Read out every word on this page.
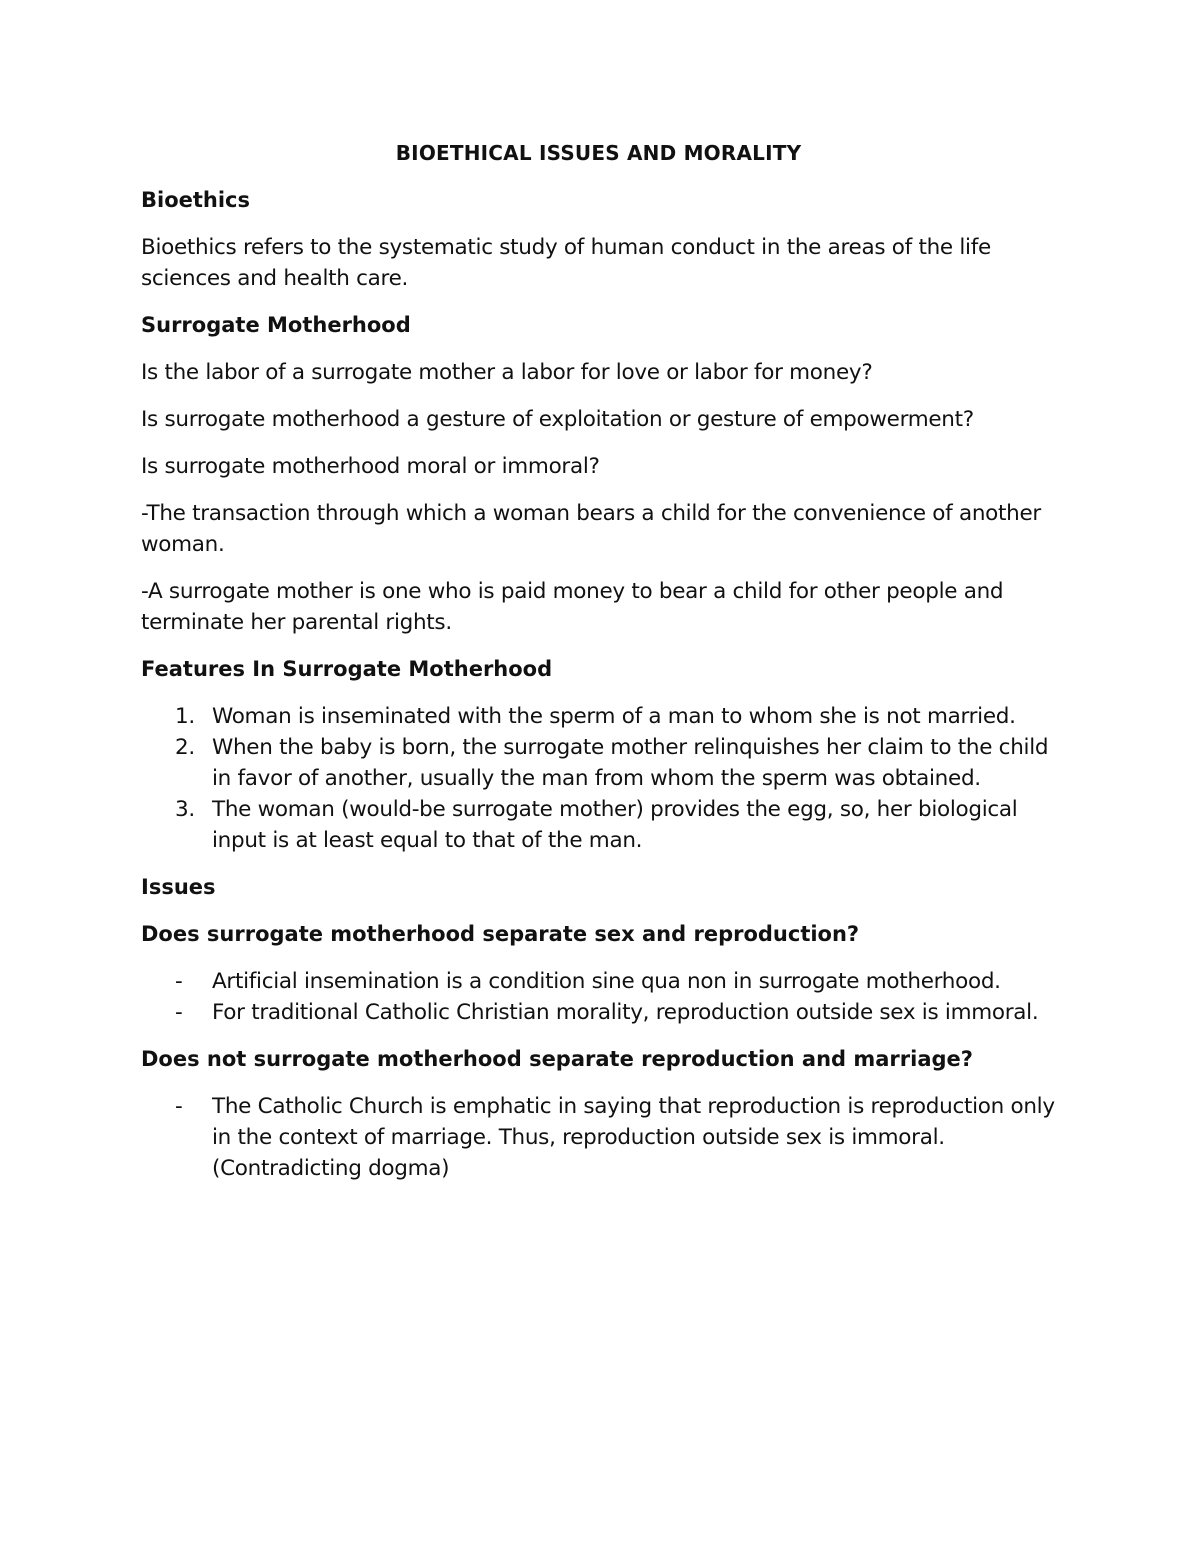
BIOETHICAL ISSUES AND MORALITY
Bioethics
Bioethics refers to the systematic study of human conduct in the areas of the life sciences and health care.
Surrogate Motherhood
Is the labor of a surrogate mother a labor for love or labor for money?
Is surrogate motherhood a gesture of exploitation or gesture of empowerment?
Is surrogate motherhood moral or immoral?
-The transaction through which a woman bears a child for the convenience of another woman.
-A surrogate mother is one who is paid money to bear a child for other people and terminate her parental rights.
Features In Surrogate Motherhood
1. Woman is inseminated with the sperm of a man to whom she is not married.
2. When the baby is born, the surrogate mother relinquishes her claim to the child in favor of another, usually the man from whom the sperm was obtained.
3. The woman (would-be surrogate mother) provides the egg, so, her biological input is at least equal to that of the man.
Issues
Does surrogate motherhood separate sex and reproduction?
- Artificial insemination is a condition sine qua non in surrogate motherhood.
- For traditional Catholic Christian morality, reproduction outside sex is immoral.
Does not surrogate motherhood separate reproduction and marriage?
- The Catholic Church is emphatic in saying that reproduction is reproduction only in the context of marriage. Thus, reproduction outside sex is immoral. (Contradicting dogma)
